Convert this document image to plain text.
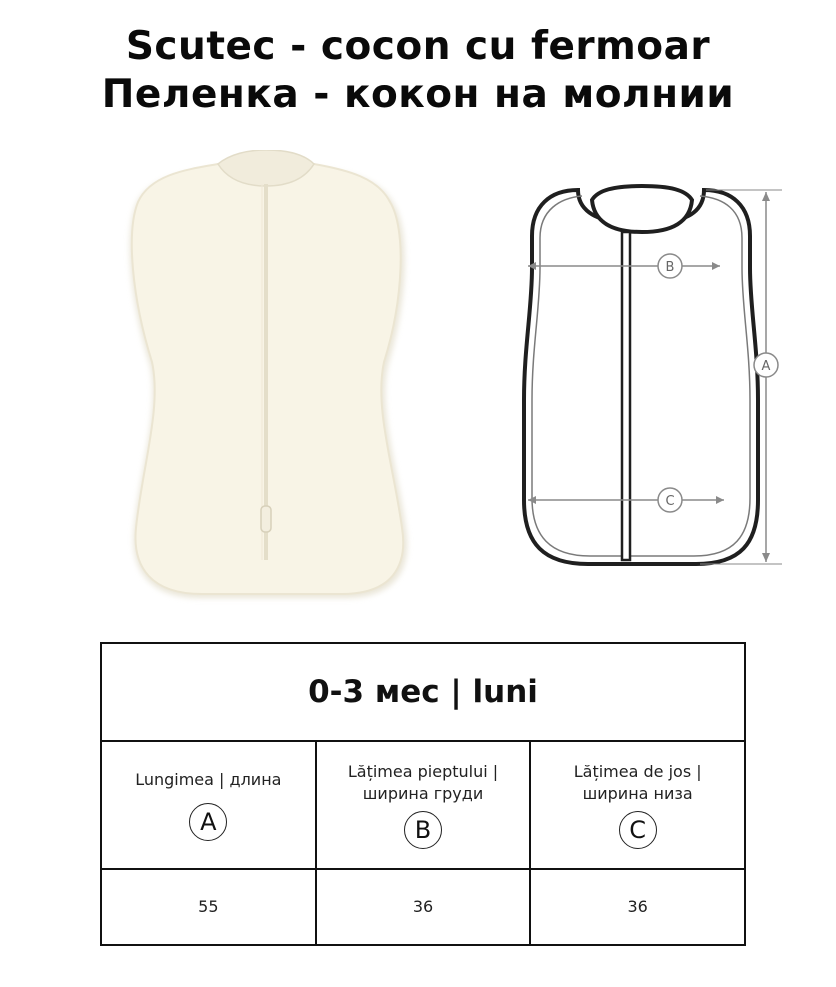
Scutec - cocon cu fermoar
Пеленка - кокон на молнии
B
C
A
0-3 мес | luni
Lungimea | длина
A
Lățimea pieptului |
ширина груди
B
Lățimea de jos |
ширина низа
C
55	36	36
